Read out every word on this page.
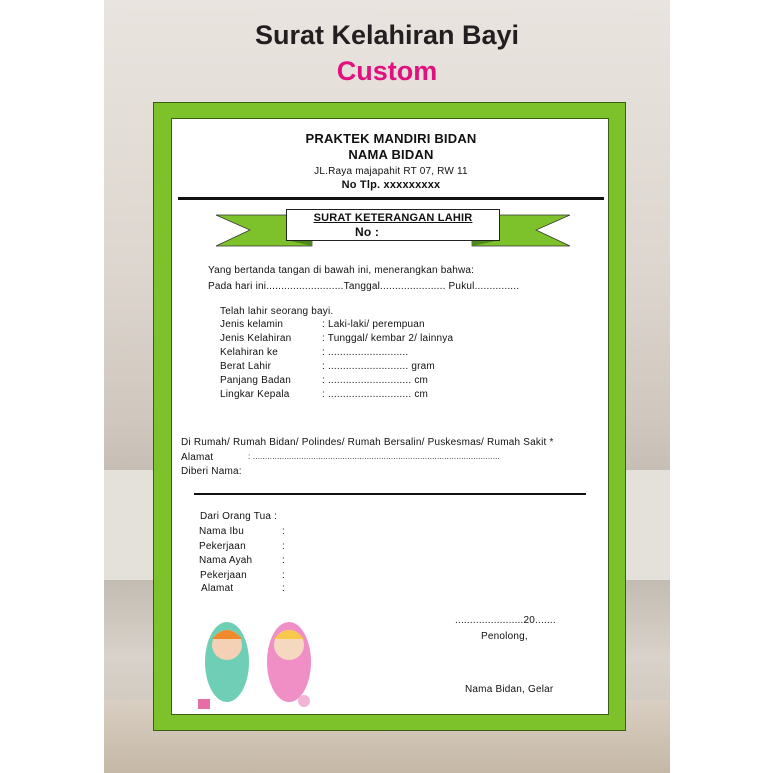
Surat Kelahiran Bayi
Custom
PRAKTEK MANDIRI BIDAN
NAMA BIDAN
JL.Raya majapahit RT 07, RW 11
No Tlp. xxxxxxxxx
SURAT KETERANGAN LAHIR
No :
Yang bertanda tangan di bawah ini, menerangkan bahwa:
Pada hari ini..........................Tanggal...................... Pukul...............
Telah lahir seorang bayi.
Jenis kelamin	: Laki-laki/ perempuan
Jenis Kelahiran	: Tunggal/ kembar 2/ lainnya
Kelahiran ke	: ...........................
Berat Lahir	: ........................... gram
Panjang Badan	: ............................ cm
Lingkar Kepala	: ............................ cm
Di Rumah/ Rumah Bidan/ Polindes/ Rumah Bersalin/ Puskesmas/ Rumah Sakit *
Alamat	: ......................................................................................................
Diberi Nama:
Dari Orang Tua :
Nama Ibu	:
Pekerjaan	:
Nama Ayah	:
Pekerjaan	:
Alamat	:
.......................20.......
Penolong,
Nama Bidan, Gelar
